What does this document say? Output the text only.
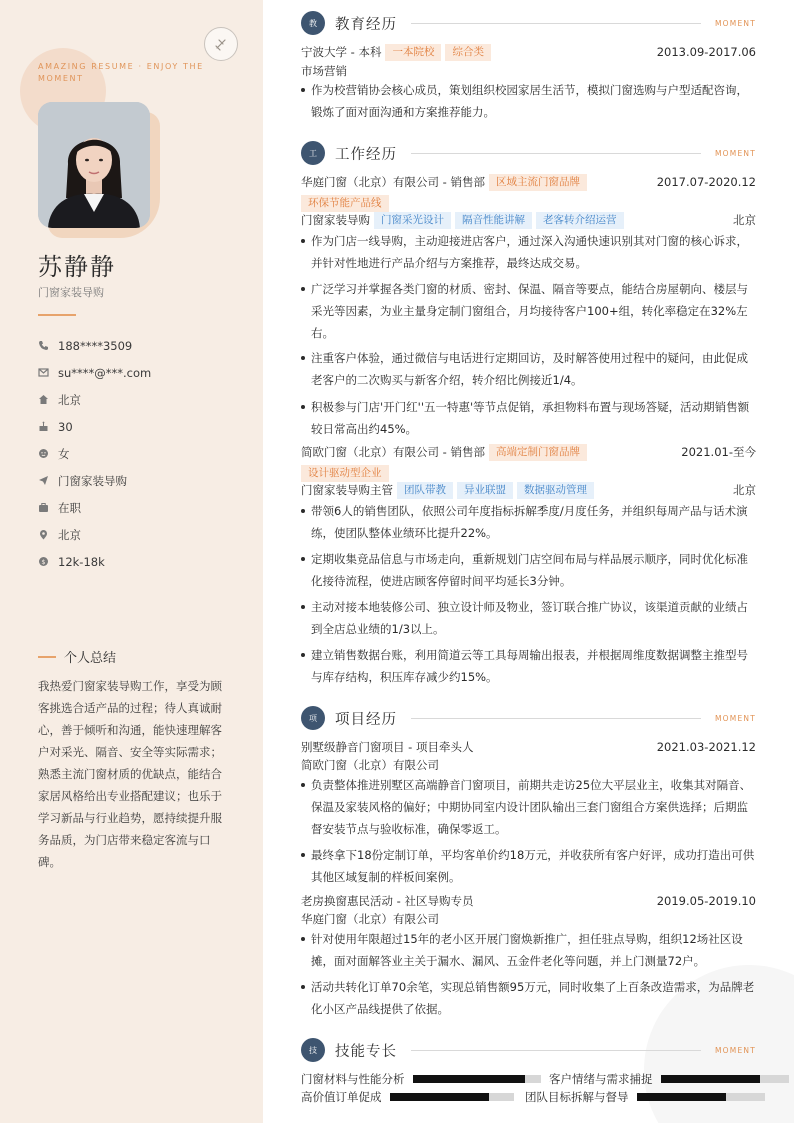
AMAZING RESUME · ENJOY THE MOMENT
苏静静
门窗家装导购
188****3509
su****@***.com
北京
30
女
门窗家装导购
在职
北京
$ 12k-18k
个人总结
我热爱门窗家装导购工作，享受为顾客挑选合适产品的过程；待人真诚耐心，善于倾听和沟通，能快速理解客户对采光、隔音、安全等实际需求；熟悉主流门窗材质的优缺点，能结合家居风格给出专业搭配建议；也乐于学习新品与行业趋势，愿持续提升服务品质，为门店带来稳定客流与口碑。
教	教育经历	MOMENT
宁波大学 - 本科	一本院校	综合类	2013.09-2017.06
市场营销
作为校营销协会核心成员，策划组织校园家居生活节，模拟门窗选购与户型适配咨询，锻炼了面对面沟通和方案推荐能力。
工	工作经历	MOMENT
华庭门窗（北京）有限公司 - 销售部	区域主流门窗品牌	2017.07-2020.12
环保节能产品线
门窗家装导购	门窗采光设计	隔音性能讲解	老客转介绍运营	北京
作为门店一线导购，主动迎接进店客户，通过深入沟通快速识别其对门窗的核心诉求，并针对性地进行产品介绍与方案推荐，最终达成交易。
广泛学习并掌握各类门窗的材质、密封、保温、隔音等要点，能结合房屋朝向、楼层与采光等因素，为业主量身定制门窗组合，月均接待客户100+组，转化率稳定在32%左右。
注重客户体验，通过微信与电话进行定期回访，及时解答使用过程中的疑问，由此促成老客户的二次购买与新客介绍，转介绍比例接近1/4。
积极参与门店'开门红''五一特惠'等节点促销，承担物料布置与现场答疑，活动期销售额较日常高出约45%。
简欧门窗（北京）有限公司 - 销售部	高端定制门窗品牌	2021.01-至今
设计驱动型企业
门窗家装导购主管	团队带教	异业联盟	数据驱动管理	北京
带领6人的销售团队，依照公司年度指标拆解季度/月度任务，并组织每周产品与话术演练，使团队整体业绩环比提升22%。
定期收集竞品信息与市场走向，重新规划门店空间布局与样品展示顺序，同时优化标准化接待流程，使进店顾客停留时间平均延长3分钟。
主动对接本地装修公司、独立设计师及物业，签订联合推广协议，该渠道贡献的业绩占到全店总业绩的1/3以上。
建立销售数据台账，利用简道云等工具每周输出报表，并根据周维度数据调整主推型号与库存结构，积压库存减少约15%。
项	项目经历	MOMENT
别墅级静音门窗项目 - 项目牵头人	2021.03-2021.12
简欧门窗（北京）有限公司
负责整体推进别墅区高端静音门窗项目，前期共走访25位大平层业主，收集其对隔音、保温及家装风格的偏好；中期协同室内设计团队输出三套门窗组合方案供选择；后期监督安装节点与验收标准，确保零返工。
最终拿下18份定制订单，平均客单价约18万元，并收获所有客户好评，成功打造出可供其他区域复制的样板间案例。
老房换窗惠民活动 - 社区导购专员	2019.05-2019.10
华庭门窗（北京）有限公司
针对使用年限超过15年的老小区开展门窗焕新推广，担任驻点导购，组织12场社区设摊，面对面解答业主关于漏水、漏风、五金件老化等问题，并上门测量72户。
活动共转化订单70余笔，实现总销售额95万元，同时收集了上百条改造需求，为品牌老化小区产品线提供了依据。
技	技能专长	MOMENT
门窗材料与性能分析	客户情绪与需求捕捉
高价值订单促成	团队目标拆解与督导
